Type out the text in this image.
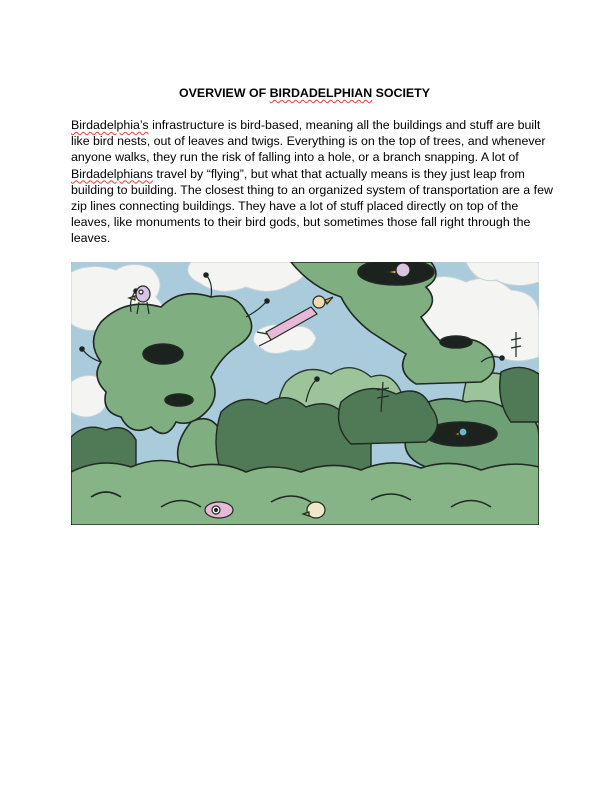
OVERVIEW OF BIRDADELPHIAN SOCIETY
Birdadelphia’s infrastructure is bird-based, meaning all the buildings and stuff are built
like bird nests, out of leaves and twigs. Everything is on the top of trees, and whenever
anyone walks, they run the risk of falling into a hole, or a branch snapping. A lot of
Birdadelphians travel by “flying”, but what that actually means is they just leap from
building to building. The closest thing to an organized system of transportation are a few
zip lines connecting buildings. They have a lot of stuff placed directly on top of the
leaves, like monuments to their bird gods, but sometimes those fall right through the
leaves.
